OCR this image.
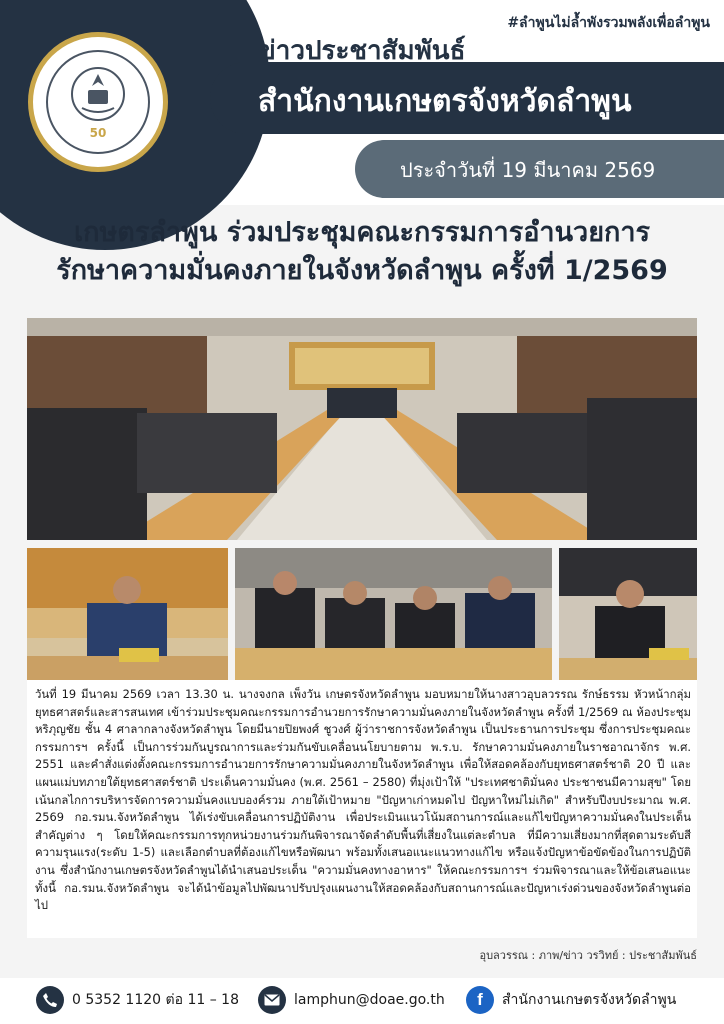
50
#ลำพูนไม่ล้ำพังรวมพลังเพื่อลำพูน
ข่าวประชาสัมพันธ์
สำนักงานเกษตรจังหวัดลำพูน
ประจำวันที่ 19 มีนาคม 2569
เกษตรลำพูน ร่วมประชุมคณะกรรมการอำนวยการ
รักษาความมั่นคงภายในจังหวัดลำพูน ครั้งที่ 1/2569

วันที่ 19 มีนาคม 2569 เวลา 13.30 น. นางจงกล เพ็งวัน เกษตรจังหวัดลำพูน มอบหมายให้นางสาวอุบลวรรณ รักษ์ธรรม หัวหน้ากลุ่มยุทธศาสตร์และสารสนเทศ เข้าร่วมประชุมคณะกรรมการอำนวยการรักษาความมั่นคงภายในจังหวัดลำพูน ครั้งที่ 1/2569 ณ ห้องประชุมหริภุญชัย ชั้น 4 ศาลากลางจังหวัดลำพูน โดยมีนายปิยพงศ์ ชูวงศ์ ผู้ว่าราชการจังหวัดลำพูน เป็นประธานการประชุม ซึ่งการประชุมคณะกรรมการฯ ครั้งนี้ เป็นการร่วมกันบูรณาการและร่วมกันขับเคลื่อนนโยบายตาม พ.ร.บ. รักษาความมั่นคงภายในราชอาณาจักร พ.ศ. 2551 และคำสั่งแต่งตั้งคณะกรรมการอำนวยการรักษาความมั่นคงภายในจังหวัดลำพูน เพื่อให้สอดคล้องกับยุทธศาสตร์ชาติ 20 ปี และแผนแม่บทภายใต้ยุทธศาสตร์ชาติ ประเด็นความมั่นคง (พ.ศ. 2561 – 2580) ที่มุ่งเป้าให้ "ประเทศชาติมั่นคง ประชาชนมีความสุข" โดยเน้นกลไกการบริหารจัดการความมั่นคงแบบองค์รวม ภายใต้เป้าหมาย "ปัญหาเก่าหมดไป ปัญหาใหม่ไม่เกิด" สำหรับปีงบประมาณ พ.ศ. 2569 กอ.รมน.จังหวัดลำพูน ได้เร่งขับเคลื่อนการปฏิบัติงาน เพื่อประเมินแนวโน้มสถานการณ์และแก้ไขปัญหาความมั่นคงในประเด็นสำคัญต่าง ๆ โดยให้คณะกรรมการทุกหน่วยงานร่วมกันพิจารณาจัดลำดับพื้นที่เสี่ยงในแต่ละตำบล ที่มีความเสี่ยงมากที่สุดตามระดับสีความรุนแรง(ระดับ 1-5) และเลือกตำบลที่ต้องแก้ไขหรือพัฒนา พร้อมทั้งเสนอแนะแนวทางแก้ไข หรือแจ้งปัญหาข้อขัดข้องในการปฏิบัติงาน ซึ่งสำนักงานเกษตรจังหวัดลำพูนได้นำเสนอประเด็น "ความมั่นคงทางอาหาร" ให้คณะกรรมการฯ ร่วมพิจารณาและให้ข้อเสนอแนะ ทั้งนี้ กอ.รมน.จังหวัดลำพูน จะได้นำข้อมูลไปพัฒนาปรับปรุงแผนงานให้สอดคล้องกับสถานการณ์และปัญหาเร่งด่วนของจังหวัดลำพูนต่อไป

อุบลวรรณ : ภาพ/ข่าว วรวิทย์ : ประชาสัมพันธ์
0 5352 1120 ต่อ 11 – 18	lamphun@doae.go.th f สำนักงานเกษตรจังหวัดลำพูน
